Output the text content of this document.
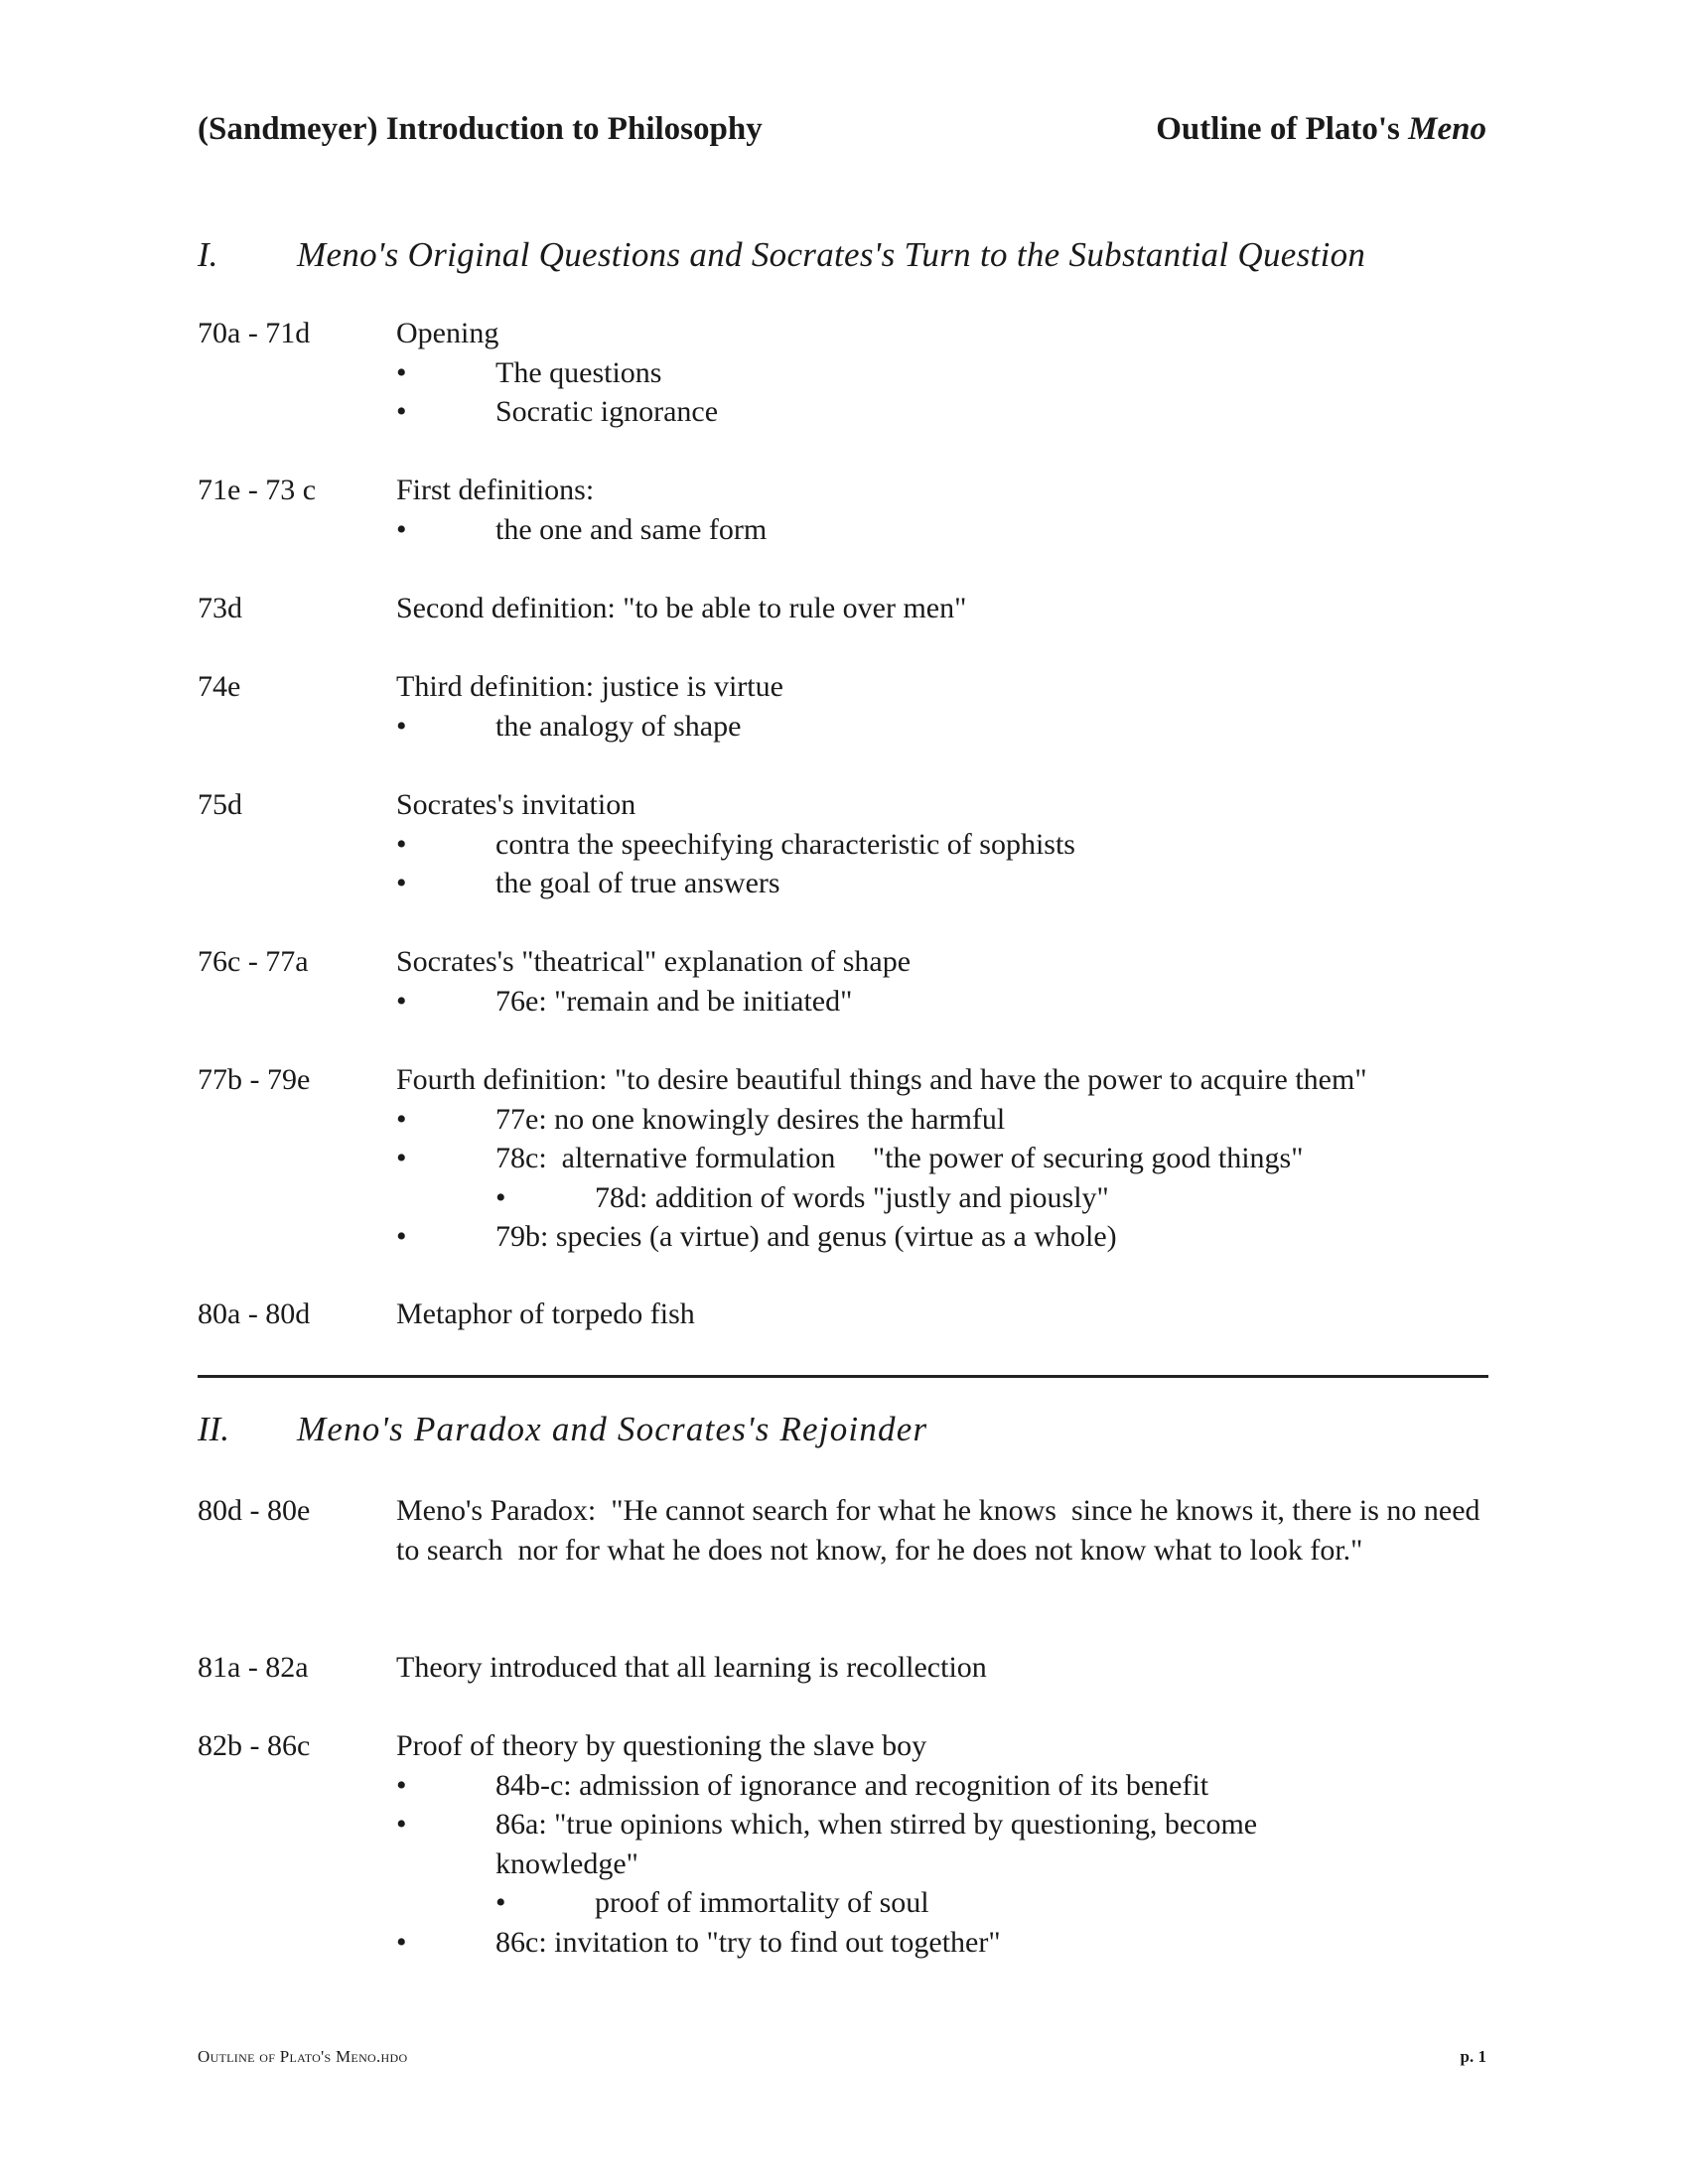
(Sandmeyer) Introduction to Philosophy	Outline of Plato's Meno
I. Meno's Original Questions and Socrates's Turn to the Substantial Question
70a - 71d	Opening
•	The questions
•	Socratic ignorance
71e - 73 c	First definitions:
•	the one and same form
73d	Second definition: "to be able to rule over men"
74e	Third definition: justice is virtue
•	the analogy of shape
75d	Socrates's invitation
•	contra the speechifying characteristic of sophists
•	the goal of true answers
76c - 77a	Socrates's "theatrical" explanation of shape
•	76e: "remain and be initiated"
77b - 79e	Fourth definition: "to desire beautiful things and have the power to acquire them"
•	77e: no one knowingly desires the harmful
•	78c:  alternative formulation     "the power of securing good things"
•	78d: addition of words "justly and piously"
•	79b: species (a virtue) and genus (virtue as a whole)
80a - 80d	Metaphor of torpedo fish
II. Meno's Paradox and Socrates's Rejoinder
80d - 80e	Meno's Paradox:  "He cannot search for what he knows  since he knows it, there is no need to search  nor for what he does not know, for he does not know what to look for."
81a - 82a	Theory introduced that all learning is recollection
82b - 86c	Proof of theory by questioning the slave boy
•	84b-c: admission of ignorance and recognition of its benefit
•	86a: "true opinions which, when stirred by questioning, become knowledge"
•	proof of immortality of soul
•	86c: invitation to "try to find out together"
Outline of Plato's Meno.hdo	p. 1
